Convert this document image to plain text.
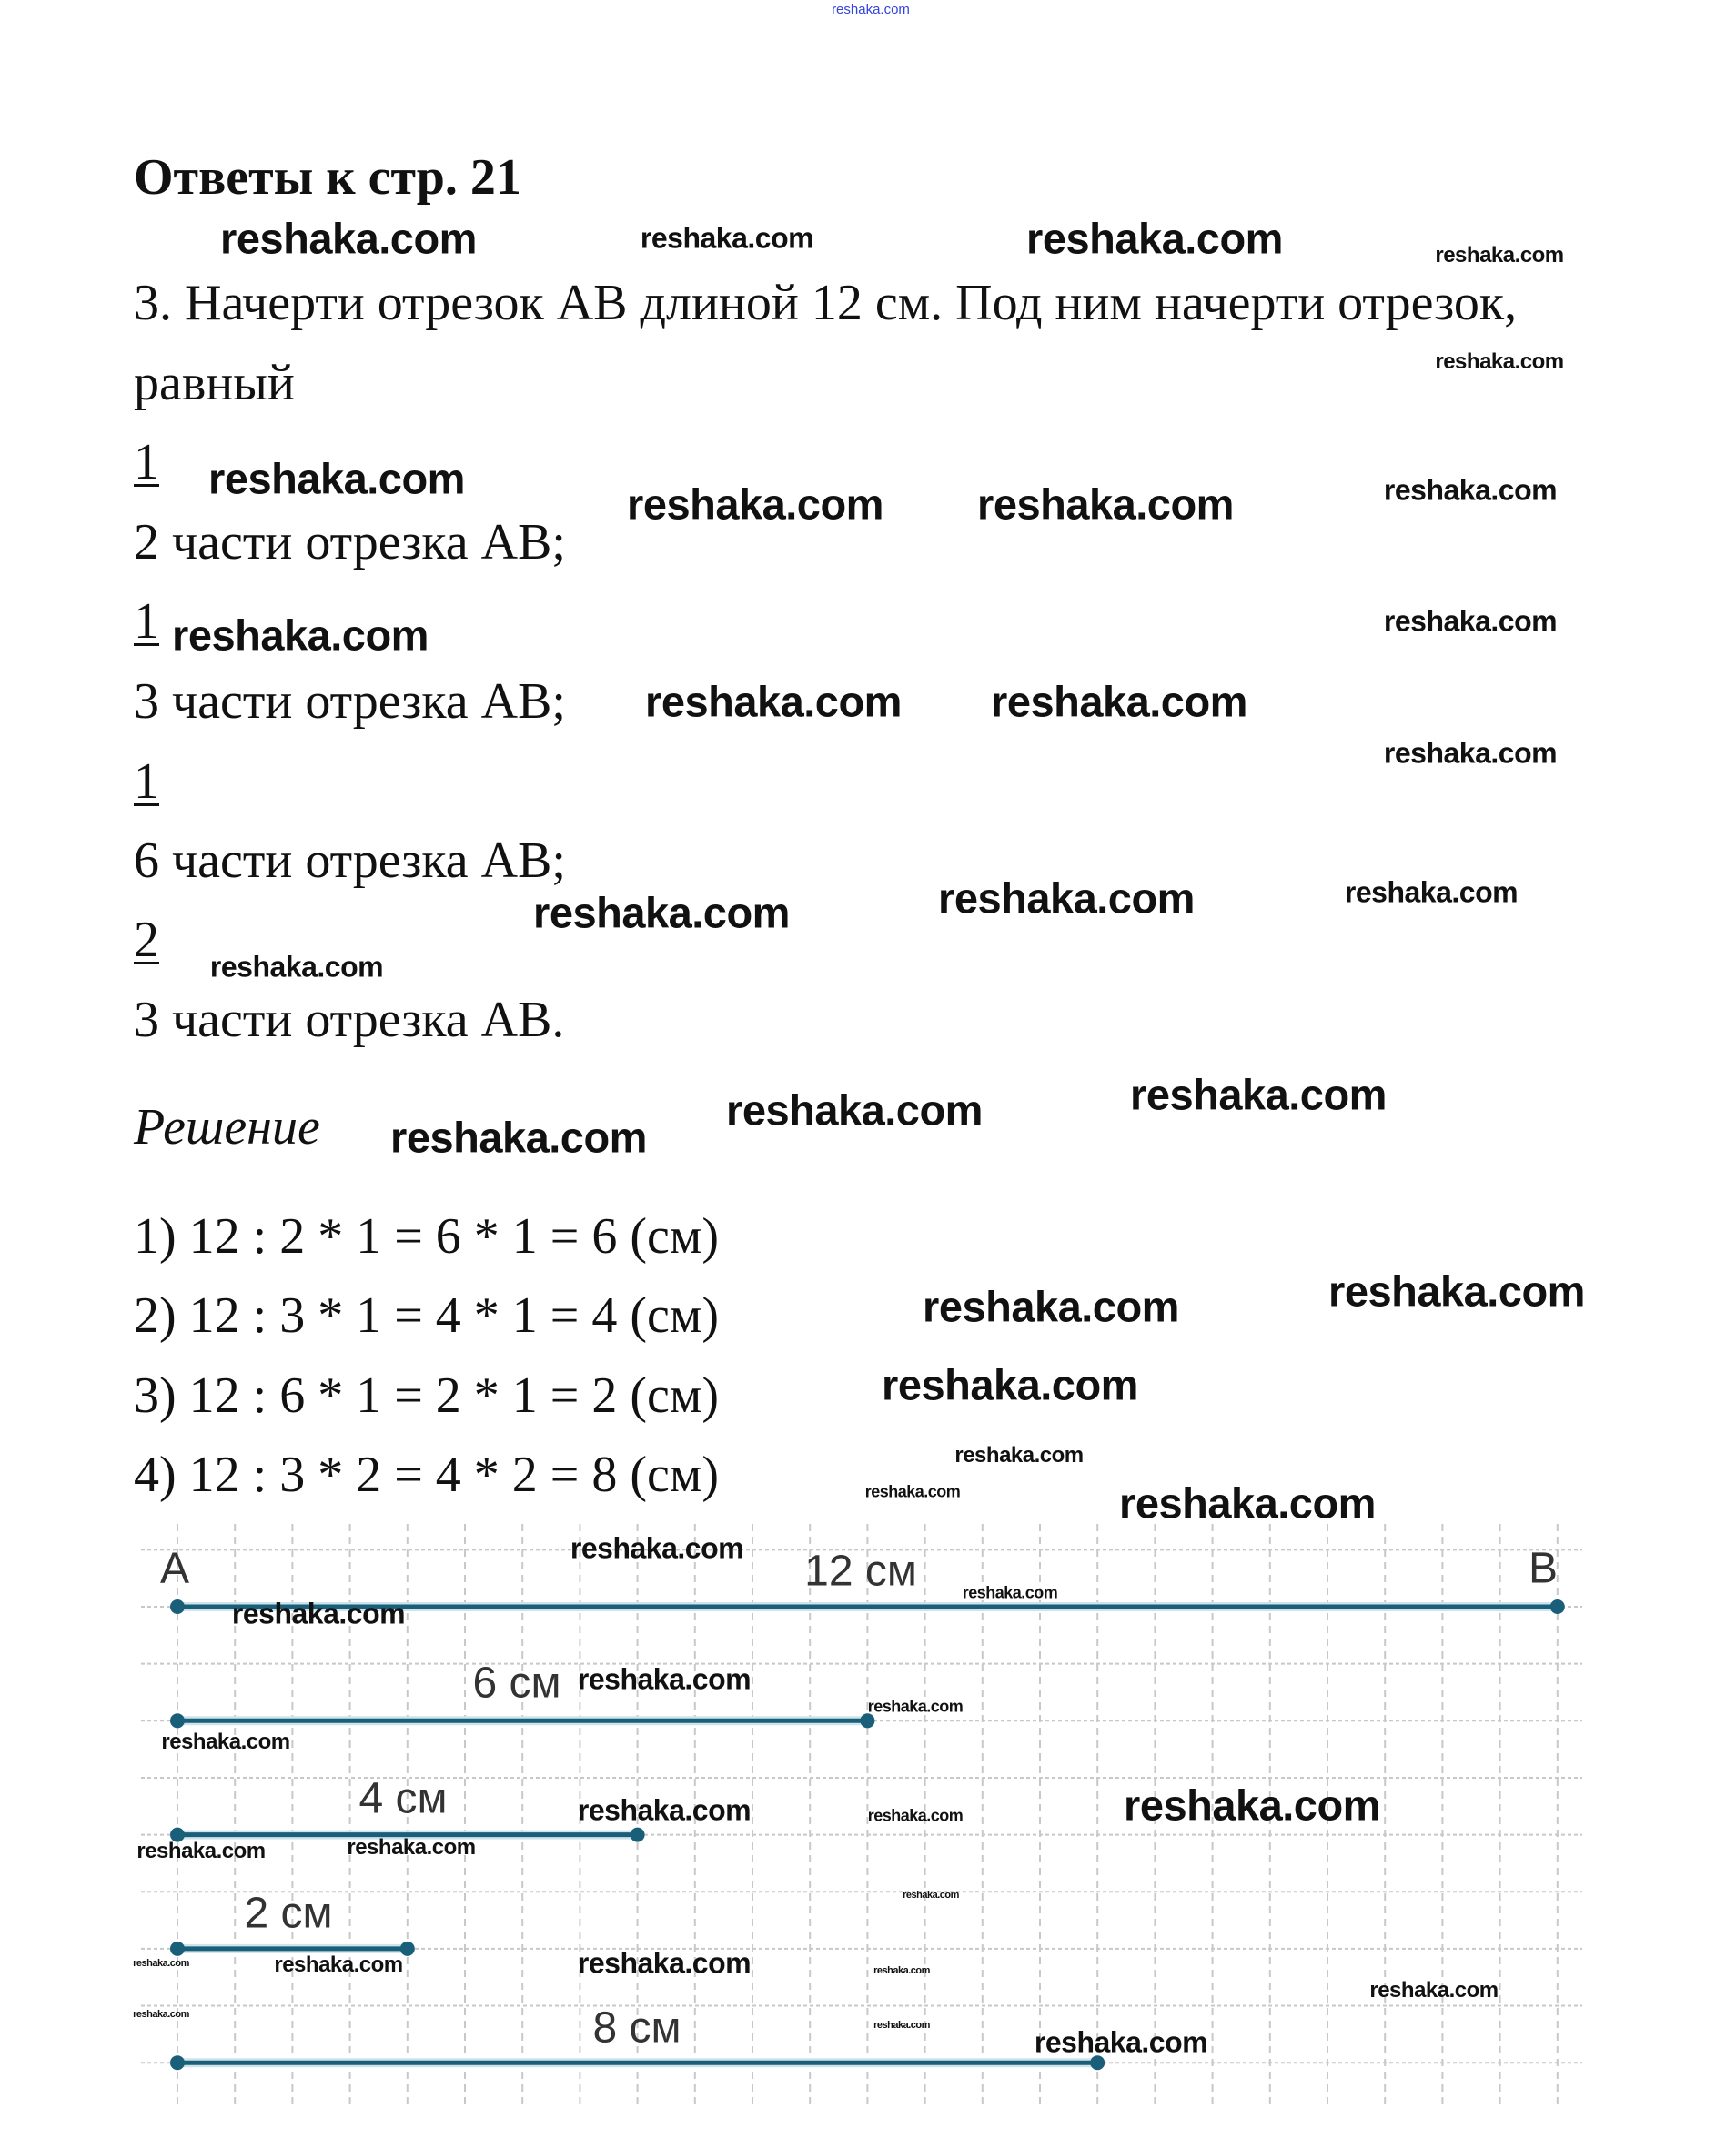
reshaka.com
Ответы к стр. 21
3. Начерти отрезок АВ длиной 12 см. Под ним начерти отрезок,
равный
1
2 части отрезка АВ;
1
3 части отрезка АВ;
1
6 части отрезка АВ;
2
3 части отрезка АВ.
Решение
1) 12 : 2 * 1 = 6 * 1 = 6 (см)
2) 12 : 3 * 1 = 4 * 1 = 4 (см)
3) 12 : 6 * 1 = 2 * 1 = 2 (см)
4) 12 : 3 * 2 = 4 * 2 = 8 (см)
A	B
12 см
6 см
4 см
2 см
8 см
reshaka.com	reshaka.com	reshaka.com	reshaka.com
reshaka.com
reshaka.com
reshaka.com reshaka.com	reshaka.com
reshaka.com
reshaka.com
reshaka.com reshaka.com
reshaka.com
reshaka.com	reshaka.com	reshaka.com
reshaka.com
reshaka.com	reshaka.com
reshaka.com
reshaka.com	reshaka.com
reshaka.com
reshaka.com
reshaka.com	reshaka.com
reshaka.com
reshaka.com
reshaka.com
reshaka.com
reshaka.com
reshaka.com
reshaka.com	reshaka.com	reshaka.com
reshaka.com	reshaka.com
reshaka.com
reshaka.com	reshaka.com	reshaka.com	reshaka.com
reshaka.com
reshaka.com
reshaka.com
reshaka.com
